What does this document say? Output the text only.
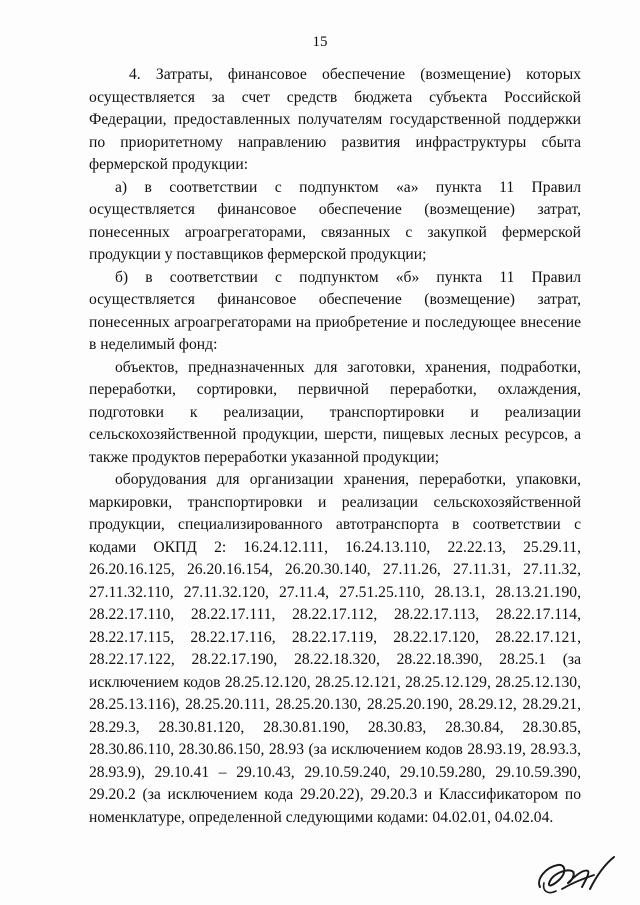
15

4. Затраты, финансовое обеспечение (возмещение) которых осуществляется за счет средств бюджета субъекта Российской Федерации, предоставленных получателям государственной поддержки по приоритетному направлению развития инфраструктуры сбыта фермерской продукции:

а) в соответствии с подпунктом «а» пункта 11 Правил осуществляется финансовое обеспечение (возмещение) затрат, понесенных агроагрегаторами, связанных с закупкой фермерской продукции у поставщиков фермерской продукции;

б) в соответствии с подпунктом «б» пункта 11 Правил осуществляется финансовое обеспечение (возмещение) затрат, понесенных агроагрегаторами на приобретение и последующее внесение в неделимый фонд:

объектов, предназначенных для заготовки, хранения, подработки, переработки, сортировки, первичной переработки, охлаждения, подготовки к реализации, транспортировки и реализации сельскохозяйственной продукции, шерсти, пищевых лесных ресурсов, а также продуктов переработки указанной продукции;

оборудования для организации хранения, переработки, упаковки, маркировки, транспортировки и реализации сельскохозяйственной продукции, специализированного автотранспорта в соответствии с кодами ОКПД 2: 16.24.12.111, 16.24.13.110, 22.22.13, 25.29.11, 26.20.16.125, 26.20.16.154, 26.20.30.140, 27.11.26, 27.11.31, 27.11.32, 27.11.32.110, 27.11.32.120, 27.11.4, 27.51.25.110, 28.13.1, 28.13.21.190, 28.22.17.110, 28.22.17.111, 28.22.17.112, 28.22.17.113, 28.22.17.114, 28.22.17.115, 28.22.17.116, 28.22.17.119, 28.22.17.120, 28.22.17.121, 28.22.17.122, 28.22.17.190, 28.22.18.320, 28.22.18.390, 28.25.1 (за исключением кодов 28.25.12.120, 28.25.12.121, 28.25.12.129, 28.25.12.130, 28.25.13.116), 28.25.20.111, 28.25.20.130, 28.25.20.190, 28.29.12, 28.29.21, 28.29.3, 28.30.81.120, 28.30.81.190, 28.30.83, 28.30.84, 28.30.85, 28.30.86.110, 28.30.86.150, 28.93 (за исключением кодов 28.93.19, 28.93.3, 28.93.9), 29.10.41 – 29.10.43, 29.10.59.240, 29.10.59.280, 29.10.59.390, 29.20.2 (за исключением кода 29.20.22), 29.20.3 и Классификатором по номенклатуре, определенной следующими кодами: 04.02.01, 04.02.04.
